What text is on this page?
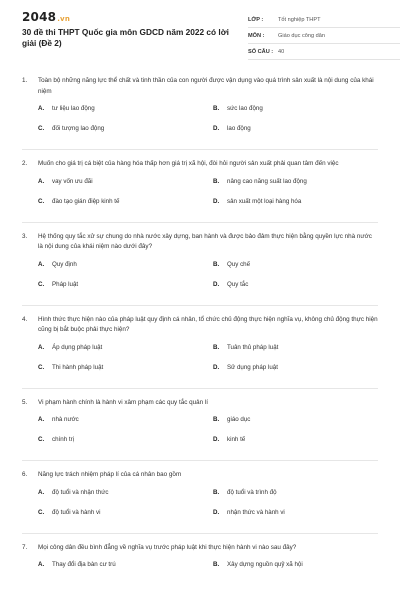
2048.vn
30 đề thi THPT Quốc gia môn GDCD năm 2022 có lời giải (Đề 2)
LỚP :	Tốt nghiệp THPT
MÔN :	Giáo dục công dân
SỐ CÂU : 40
1.	Toàn bộ những năng lực thể chất và tinh thần của con người được vận dụng vào quá trình sản xuất là nội dung của khái niệm
A.	tư liệu lao động	B.	sức lao động
C.	đối tượng lao động	D.	lao động
2.	Muốn cho giá trị cá biệt của hàng hóa thấp hơn giá trị xã hội, đòi hỏi người sản xuất phải quan tâm đến việc
A.	vay vốn ưu đãi	B.	nâng cao năng suất lao động
C.	đào tạo gián điệp kinh tế	D.	sản xuất một loại hàng hóa
3.	Hệ thống quy tắc xử sự chung do nhà nước xây dựng, ban hành và được bảo đảm thực hiện bằng quyền lực nhà nước là nội dung của khái niệm nào dưới đây?
A.	Quy định	B.	Quy chế
C.	Pháp luật	D.	Quy tắc
4.	Hình thức thực hiện nào của pháp luật quy định cá nhân, tổ chức chủ động thực hiện nghĩa vụ, không chủ động thực hiện cũng bị bắt buộc phải thực hiện?
A.	Áp dụng pháp luật	B.	Tuân thủ pháp luật
C.	Thi hành pháp luật	D.	Sử dụng pháp luật
5.	Vi phạm hành chính là hành vi xâm phạm các quy tắc quản lí
A.	nhà nước	B.	giáo dục
C.	chính trị	D.	kinh tế
6.	Năng lực trách nhiệm pháp lí của cá nhân bao gồm
A.	độ tuổi và nhận thức	B.	độ tuổi và trình độ
C.	độ tuổi và hành vi	D.	nhận thức và hành vi
7.	Mọi công dân đều bình đẳng về nghĩa vụ trước pháp luật khi thực hiện hành vi nào sau đây?
A.	Thay đổi địa bàn cư trú	B.	Xây dựng nguồn quỹ xã hội
